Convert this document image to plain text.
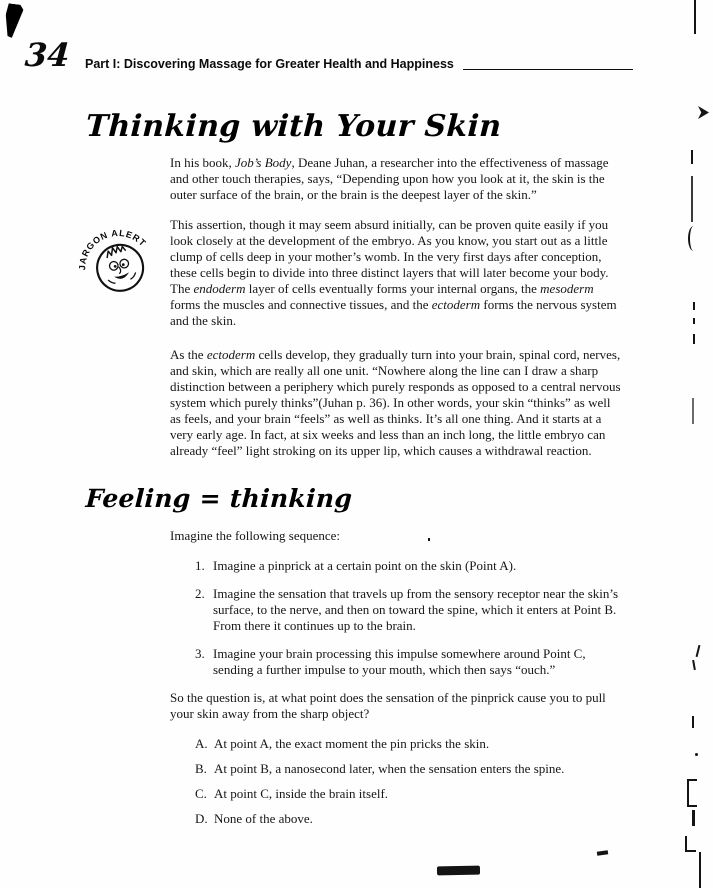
34 Part I: Discovering Massage for Greater Health and Happiness
Thinking with Your Skin

In his book, Job’s Body, Deane Juhan, a researcher into the effectiveness of massage and other touch therapies, says, “Depending upon how you look at it, the skin is the outer surface of the brain, or the brain is the deepest layer of the skin.”

JARGON ALERT

This assertion, though it may seem absurd initially, can be proven quite easily if you look closely at the development of the embryo. As you know, you start out as a little clump of cells deep in your mother’s womb. In the very first days after conception, these cells begin to divide into three distinct layers that will later become your body. The endoderm layer of cells eventually forms your internal organs, the mesoderm forms the muscles and connective tissues, and the ectoderm forms the nervous system and the skin.

As the ectoderm cells develop, they gradually turn into your brain, spinal cord, nerves, and skin, which are really all one unit. “Nowhere along the line can I draw a sharp distinction between a periphery which purely responds as opposed to a central nervous system which purely thinks”(Juhan p. 36). In other words, your skin “thinks” as well as feels, and your brain “feels” as well as thinks. It’s all one thing. And it starts at a very early age. In fact, at six weeks and less than an inch long, the little embryo can already “feel” light stroking on its upper lip, which causes a withdrawal reaction.

Feeling = thinking

Imagine the following sequence:

1. Imagine a pinprick at a certain point on the skin (Point A).
2. Imagine the sensation that travels up from the sensory receptor near the skin’s surface, to the nerve, and then on toward the spine, which it enters at Point B. From there it continues up to the brain.
3. Imagine your brain processing this impulse somewhere around Point C, sending a further impulse to your mouth, which then says “ouch.”

So the question is, at what point does the sensation of the pinprick cause you to pull your skin away from the sharp object?

A. At point A, the exact moment the pin pricks the skin.
B. At point B, a nanosecond later, when the sensation enters the spine.
C. At point C, inside the brain itself.
D. None of the above.
